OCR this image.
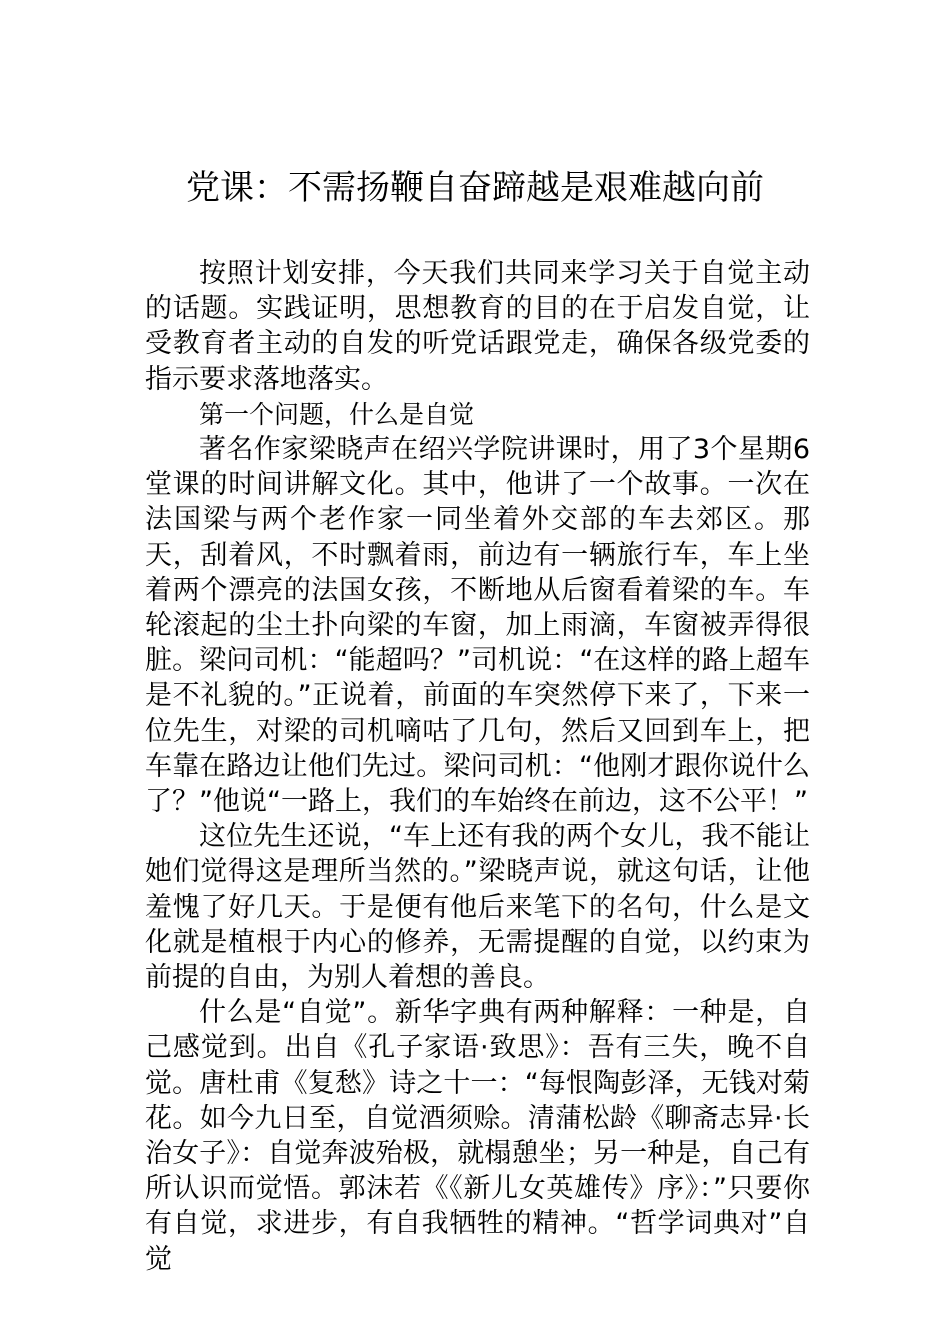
党课：不需扬鞭自奋蹄越是艰难越向前

按照计划安排，今天我们共同来学习关于自觉主动的话题。实践证明，思想教育的目的在于启发自觉，让受教育者主动的自发的听党话跟党走，确保各级党委的指示要求落地落实。

第一个问题，什么是自觉

著名作家梁晓声在绍兴学院讲课时，用了3个星期6堂课的时间讲解文化。其中，他讲了一个故事。一次在法国梁与两个老作家一同坐着外交部的车去郊区。那天，刮着风，不时飘着雨，前边有一辆旅行车，车上坐着两个漂亮的法国女孩，不断地从后窗看着梁的车。车轮滚起的尘土扑向梁的车窗，加上雨滴，车窗被弄得很脏。梁问司机：“能超吗？”司机说：“在这样的路上超车是不礼貌的。”正说着，前面的车突然停下来了，下来一位先生，对梁的司机嘀咕了几句，然后又回到车上，把车靠在路边让他们先过。梁问司机：“他刚才跟你说什么了？”他说“一路上，我们的车始终在前边，这不公平！”

这位先生还说，“车上还有我的两个女儿，我不能让她们觉得这是理所当然的。”梁晓声说，就这句话，让他羞愧了好几天。于是便有他后来笔下的名句，什么是文化就是植根于内心的修养，无需提醒的自觉，以约束为前提的自由，为别人着想的善良。

什么是“自觉”。新华字典有两种解释：一种是，自己感觉到。出自《孔子家语·致思》：吾有三失，晚不自觉。唐杜甫《复愁》诗之十一：“每恨陶彭泽，无钱对菊花。如今九日至，自觉酒须赊。清蒲松龄《聊斋志异·长治女子》：自觉奔波殆极，就榻憩坐；另一种是，自己有所认识而觉悟。郭沫若《《新儿女英雄传》序》：”只要你有自觉，求进步，有自我牺牲的精神。“哲学词典对”自觉
